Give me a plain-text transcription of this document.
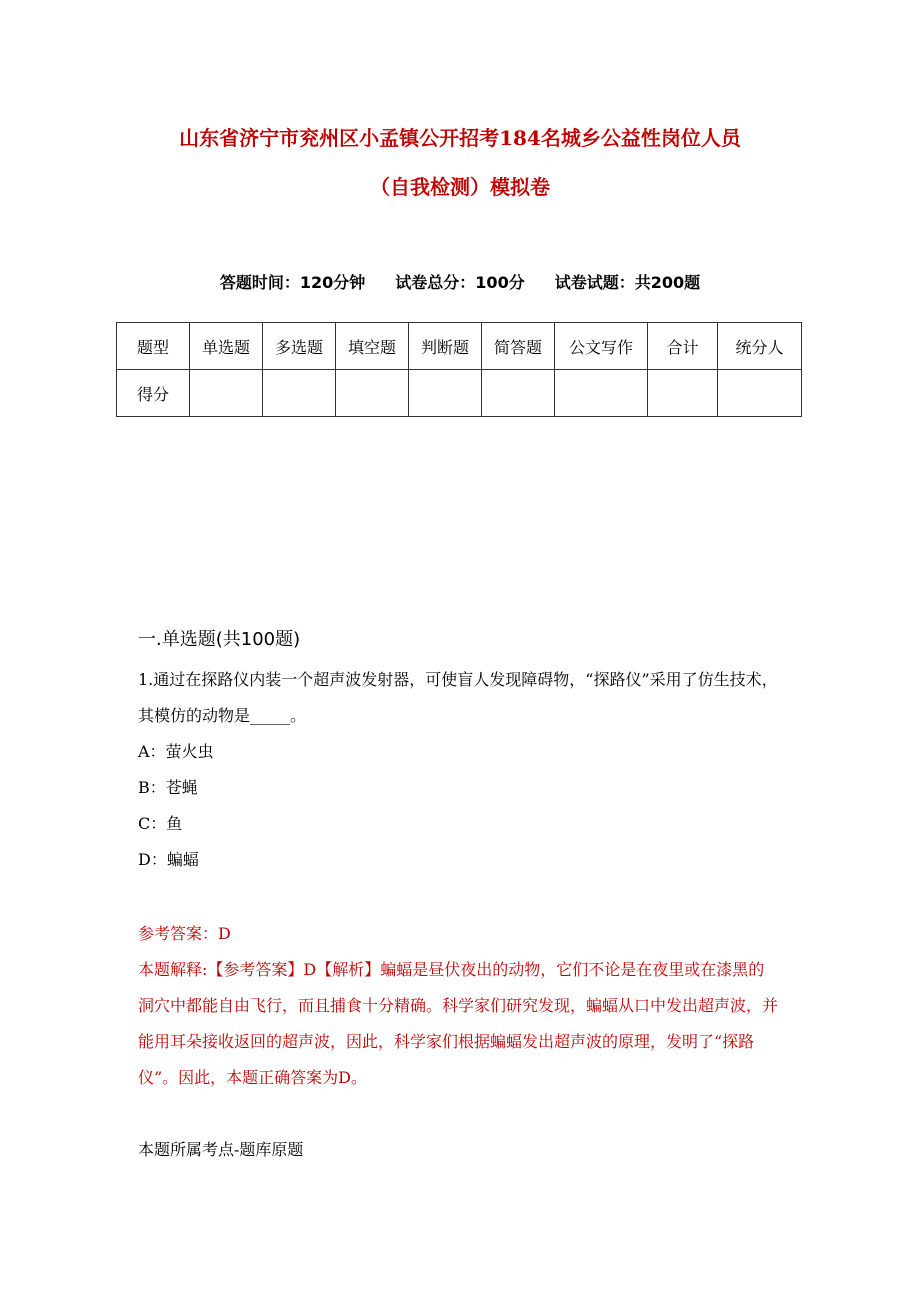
山东省济宁市兖州区小孟镇公开招考184名城乡公益性岗位人员
（自我检测）模拟卷
答题时间：120分钟 试卷总分：100分 试卷试题：共200题
题型	单选题	多选题	填空题	判断题	简答题	公文写作	合计	统分人
得分								
一.单选题(共100题)
1.通过在探路仪内装一个超声波发射器，可使盲人发现障碍物，“探路仪”采用了仿生技术，其模仿的动物是_____。
A：萤火虫
B：苍蝇
C：鱼
D：蝙蝠
参考答案：D
本题解释:【参考答案】D【解析】蝙蝠是昼伏夜出的动物，它们不论是在夜里或在漆黑的洞穴中都能自由飞行，而且捕食十分精确。科学家们研究发现，蝙蝠从口中发出超声波，并能用耳朵接收返回的超声波，因此，科学家们根据蝙蝠发出超声波的原理，发明了“探路仪”。因此，本题正确答案为D。
本题所属考点-题库原题
